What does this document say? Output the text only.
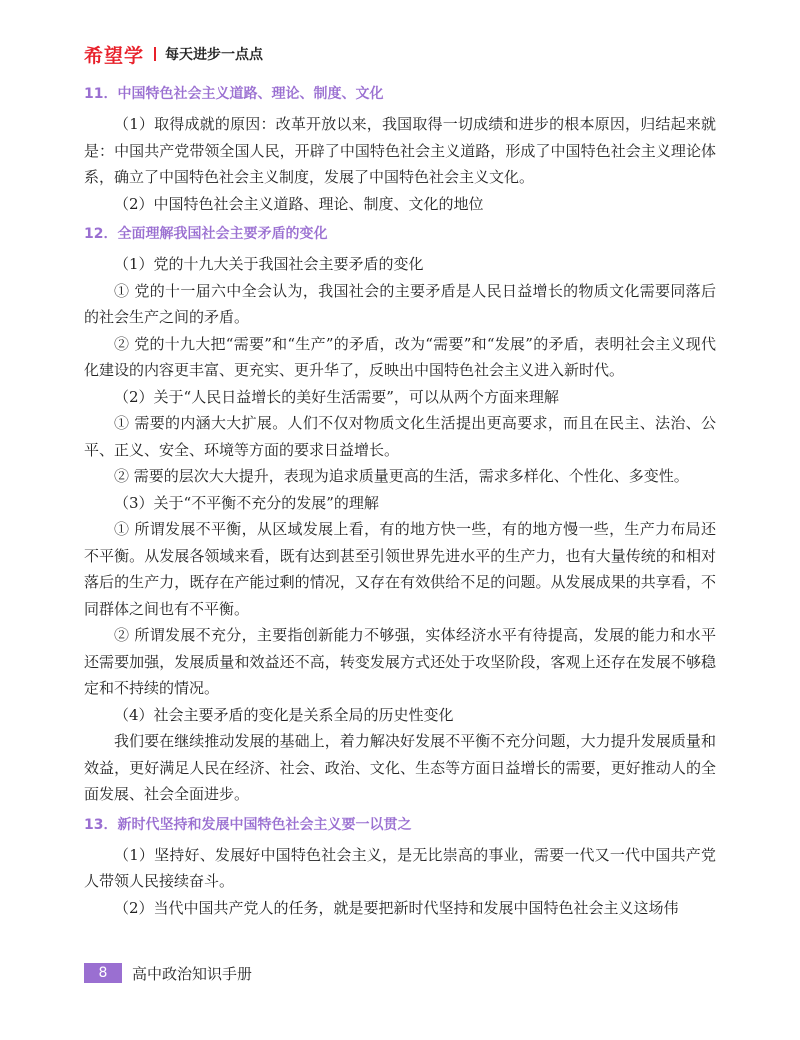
希望学 每天进步一点点
11．中国特色社会主义道路、理论、制度、文化

（1）取得成就的原因：改革开放以来，我国取得一切成绩和进步的根本原因，归结起来就是：中国共产党带领全国人民，开辟了中国特色社会主义道路，形成了中国特色社会主义理论体系，确立了中国特色社会主义制度，发展了中国特色社会主义文化。

（2）中国特色社会主义道路、理论、制度、文化的地位

12．全面理解我国社会主要矛盾的变化

（1）党的十九大关于我国社会主要矛盾的变化

① 党的十一届六中全会认为，我国社会的主要矛盾是人民日益增长的物质文化需要同落后的社会生产之间的矛盾。

② 党的十九大把“需要”和“生产”的矛盾，改为“需要”和“发展”的矛盾，表明社会主义现代化建设的内容更丰富、更充实、更升华了，反映出中国特色社会主义进入新时代。

（2）关于“人民日益增长的美好生活需要”，可以从两个方面来理解

① 需要的内涵大大扩展。人们不仅对物质文化生活提出更高要求，而且在民主、法治、公平、正义、安全、环境等方面的要求日益增长。

② 需要的层次大大提升，表现为追求质量更高的生活，需求多样化、个性化、多变性。

（3）关于“不平衡不充分的发展”的理解

① 所谓发展不平衡，从区域发展上看，有的地方快一些，有的地方慢一些，生产力布局还不平衡。从发展各领域来看，既有达到甚至引领世界先进水平的生产力，也有大量传统的和相对落后的生产力，既存在产能过剩的情况，又存在有效供给不足的问题。从发展成果的共享看，不同群体之间也有不平衡。

② 所谓发展不充分，主要指创新能力不够强，实体经济水平有待提高，发展的能力和水平还需要加强，发展质量和效益还不高，转变发展方式还处于攻坚阶段，客观上还存在发展不够稳定和不持续的情况。

（4）社会主要矛盾的变化是关系全局的历史性变化

我们要在继续推动发展的基础上，着力解决好发展不平衡不充分问题，大力提升发展质量和效益，更好满足人民在经济、社会、政治、文化、生态等方面日益增长的需要，更好推动人的全面发展、社会全面进步。

13．新时代坚持和发展中国特色社会主义要一以贯之

（1）坚持好、发展好中国特色社会主义，是无比崇高的事业，需要一代又一代中国共产党人带领人民接续奋斗。

（2）当代中国共产党人的任务，就是要把新时代坚持和发展中国特色社会主义这场伟

8	高中政治知识手册
